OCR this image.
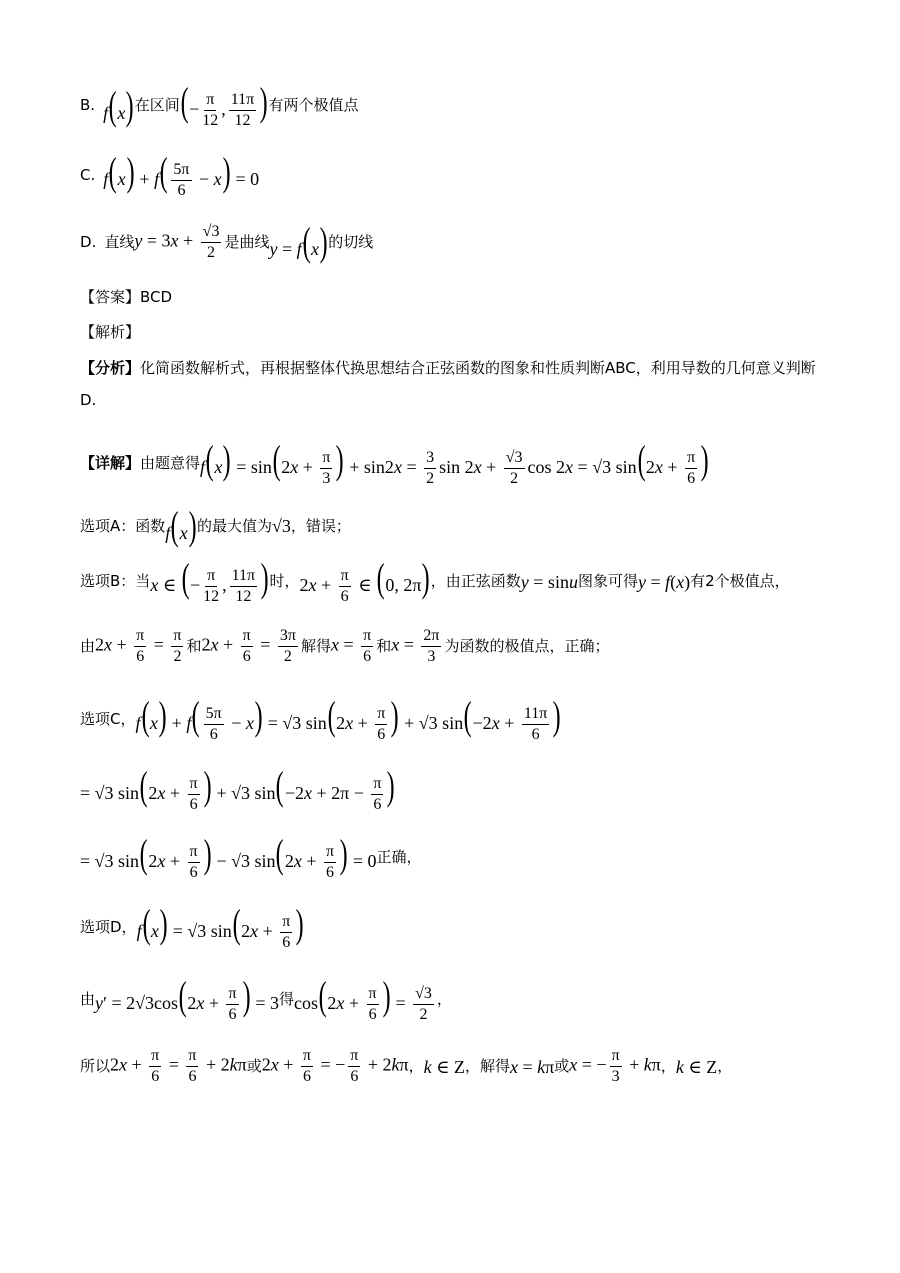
B. f(x) 在区间 (− $\frac{\pi}{12}$ , $\frac{11\pi}{12}$ ) 有两个极值点
C. $f(x) + f( \frac{5\pi}{6} - x) = 0$
D. 直线 $y = 3x + \frac{√3}{2}$ 是曲线 y = f(x) 的切线
【答案】 BCD
【解析】
【分析】化简函数解析式，再根据整体代换思想结合正弦函数的图象和性质判断ABC，利用导数的几何意义判断D.
【详解】 由题意得 $f(x) = \sin(2x + \frac{\pi}{3}$ ) + $\sin 2x = \frac{3}{2}$ $\sin 2x + \frac{√3}{2}$ cos 2x = √3 $\sin(2x + \frac{\pi}{6}$ )
选项A： 函数 f(x) 的最大值为 √3 ，错误；
选项B： 当 x ∈ (− $\frac{\pi}{12}$ , $\frac{11\pi}{12}$ ) 时， $2x + \frac{\pi}{6}$ ∈ (0, 2π) ，由正弦函数 y = sinu 图象可得 y = f(x) 有2个极值点，
由 $2x + \frac{\pi}{6} = \frac{\pi}{2}$ 和 $2x + \frac{\pi}{6} = \frac{3\pi}{2}$ 解得 $x = \frac{\pi}{6}$ 和 $x = \frac{2\pi}{3}$ 为函数的极值点，正确；
选项C， $f(x) + f( \frac{5\pi}{6} - x) = √3$ $\sin(2x + \frac{\pi}{6}$ ) + √3 $\sin(-2x + \frac{11\pi}{6}$ )
= √3 $\sin(2x + \frac{\pi}{6}$ ) + √3 $\sin(-2x + 2\pi - \frac{\pi}{6}$ )
= √3 $\sin(2x + \frac{\pi}{6}$ ) − √3 $\sin(2x + \frac{\pi}{6}$ ) = 0 正确，
选项D， f(x) = √3 $\sin(2x + \frac{\pi}{6}$ )
由 $y' = 2√3\cos(2x + \frac{\pi}{6}$ ) = 3 得 $\cos(2x + \frac{\pi}{6}$ ) = $\frac{√3}{2}$ ，
所以 $2x + \frac{\pi}{6} = \frac{\pi}{6} + 2k\pi$ 或 $2x + \frac{\pi}{6}$ = − $\frac{\pi}{6} + 2k\pi$ ， k ∈ Z ，解得 x = kπ 或 x = − $\frac{\pi}{3} + k\pi$ ， k ∈ Z ，
